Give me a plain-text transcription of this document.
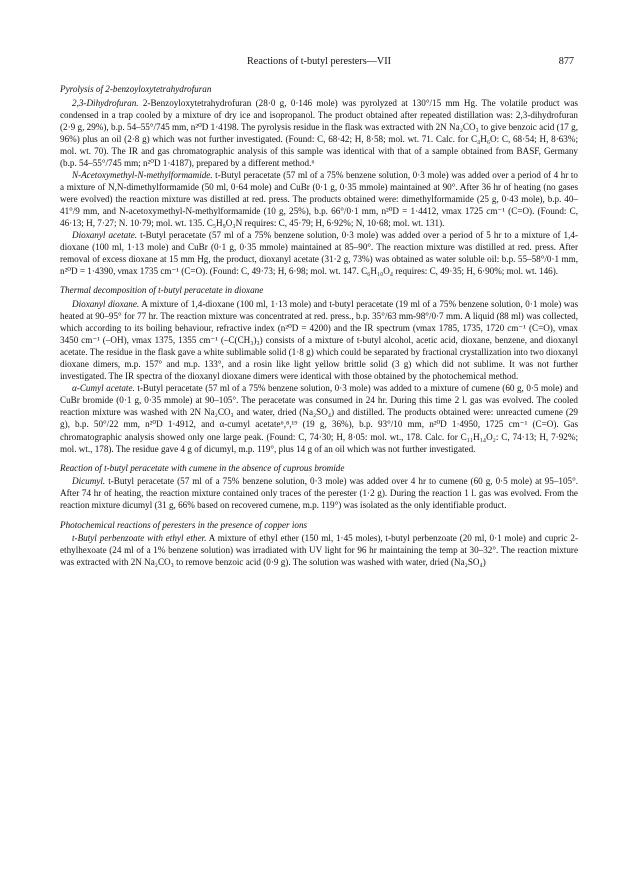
Reactions of t-butyl peresters—VII	877
Pyrolysis of 2-benzoyloxytetrahydrofuran

2,3-Dihydrofuran. 2-Benzoyloxytetrahydrofuran (28·0 g, 0·146 mole) was pyrolyzed at 130°/15 mm Hg. The volatile product was condensed in a trap cooled by a mixture of dry ice and isopropanol. The product obtained after repeated distillation was: 2,3-dihydrofuran (2·9 g, 29%), b.p. 54–55°/745 mm, n²⁰D 1·4198. The pyrolysis residue in the flask was extracted with 2N Na₂CO₃ to give benzoic acid (17 g, 96%) plus an oil (2·8 g) which was not further investigated. (Found: C, 68·42; H, 8·58; mol. wt. 71. Calc. for C₄H₆O: C, 68·54; H, 8·63%; mol. wt. 70). The IR and gas chromatographic analysis of this sample was identical with that of a sample obtained from BASF, Germany (b.p. 54–55°/745 mm; n²⁰D 1·4187), prepared by a different method.⁶

N-Acetoxymethyl-N-methylformamide. t-Butyl peracetate (57 ml of a 75% benzene solution, 0·3 mole) was added over a period of 4 hr to a mixture of N,N-dimethylformamide (50 ml, 0·64 mole) and CuBr (0·1 g, 0·35 mmole) maintained at 90°. After 36 hr of heating (no gases were evolved) the reaction mixture was distilled at red. press. The products obtained were: dimethylformamide (25 g, 0·43 mole), b.p. 40–41°/9 mm, and N-acetoxymethyl-N-methylformamide (10 g, 25%), b.p. 66°/0·1 mm, n²⁰D = 1·4412, νmax 1725 cm⁻¹ (C=O). (Found: C, 46·13; H, 7·27; N. 10·79; mol. wt. 135. C₅H₉O₃N requires: C, 45·79; H, 6·92%; N, 10·68; mol. wt. 131).

Dioxanyl acetate. t-Butyl peracetate (57 ml of a 75% benzene solution, 0·3 mole) was added over a period of 5 hr to a mixture of 1,4-dioxane (100 ml, 1·13 mole) and CuBr (0·1 g, 0·35 mmole) maintained at 85–90°. The reaction mixture was distilled at red. press. After removal of excess dioxane at 15 mm Hg, the product, dioxanyl acetate (31·2 g, 73%) was obtained as water soluble oil: b.p. 55–58°/0·1 mm, n²⁰D = 1·4390, νmax 1735 cm⁻¹ (C=O). (Found: C, 49·73; H, 6·98; mol. wt. 147. C₆H₁₀O₄ requires: C, 49·35; H, 6·90%; mol. wt. 146).

Thermal decomposition of t-butyl peracetate in dioxane

Dioxanyl dioxane. A mixture of 1,4-dioxane (100 ml, 1·13 mole) and t-butyl peracetate (19 ml of a 75% benzene solution, 0·1 mole) was heated at 90–95° for 77 hr. The reaction mixture was concentrated at red. press., b.p. 35°/63 mm-98°/0·7 mm. A liquid (88 ml) was collected, which according to its boiling behaviour, refractive index (n²⁰D = 4200) and the IR spectrum (νmax 1785, 1735, 1720 cm⁻¹ (C=O), νmax 3450 cm⁻¹ (–OH), νmax 1375, 1355 cm⁻¹ (–C(CH₃)₃) consists of a mixture of t-butyl alcohol, acetic acid, dioxane, benzene, and dioxanyl acetate. The residue in the flask gave a white sublimable solid (1·8 g) which could be separated by fractional crystallization into two dioxanyl dioxane dimers, m.p. 157° and m.p. 133°, and a rosin like light yellow brittle solid (3 g) which did not sublime. It was not further investigated. The IR spectra of the dioxanyl dioxane dimers were identical with those obtained by the photochemical method.

α-Cumyl acetate. t-Butyl peracetate (57 ml of a 75% benzene solution, 0·3 mole) was added to a mixture of cumene (60 g, 0·5 mole) and CuBr bromide (0·1 g, 0·35 mmole) at 90–105°. The peracetate was consumed in 24 hr. During this time 2 l. gas was evolved. The cooled reaction mixture was washed with 2N Na₂CO₃ and water, dried (Na₂SO₄) and distilled. The products obtained were: unreacted cumene (29 g), b.p. 50°/22 mm, n²⁰D 1·4912, and α-cumyl acetate⁶,⁸,¹⁹ (19 g, 36%), b.p. 93°/10 mm, n²⁰D 1·4950, 1725 cm⁻¹ (C=O). Gas chromatographic analysis showed only one large peak. (Found: C, 74·30; H, 8·05: mol. wt., 178. Calc. for C₁₁H₁₄O₂: C, 74·13; H, 7·92%; mol. wt., 178). The residue gave 4 g of dicumyl, m.p. 119°, plus 14 g of an oil which was not further investigated.

Reaction of t-butyl peracetate with cumene in the absence of cuprous bromide

Dicumyl. t-Butyl peracetate (57 ml of a 75% benzene solution, 0·3 mole) was added over 4 hr to cumene (60 g, 0·5 mole) at 95–105°. After 74 hr of heating, the reaction mixture contained only traces of the perester (1·2 g). During the reaction 1 l. gas was evolved. From the reaction mixture dicumyl (31 g, 66% based on recovered cumene, m.p. 119°) was isolated as the only identifiable product.

Photochemical reactions of peresters in the presence of copper ions

t-Butyl perbenzoate with ethyl ether. A mixture of ethyl ether (150 ml, 1·45 moles), t-butyl perbenzoate (20 ml, 0·1 mole) and cupric 2-ethylhexoate (24 ml of a 1% benzene solution) was irradiated with UV light for 96 hr maintaining the temp at 30–32°. The reaction mixture was extracted with 2N Na₂CO₃ to remove benzoic acid (0·9 g). The solution was washed with water, dried (Na₂SO₄)
